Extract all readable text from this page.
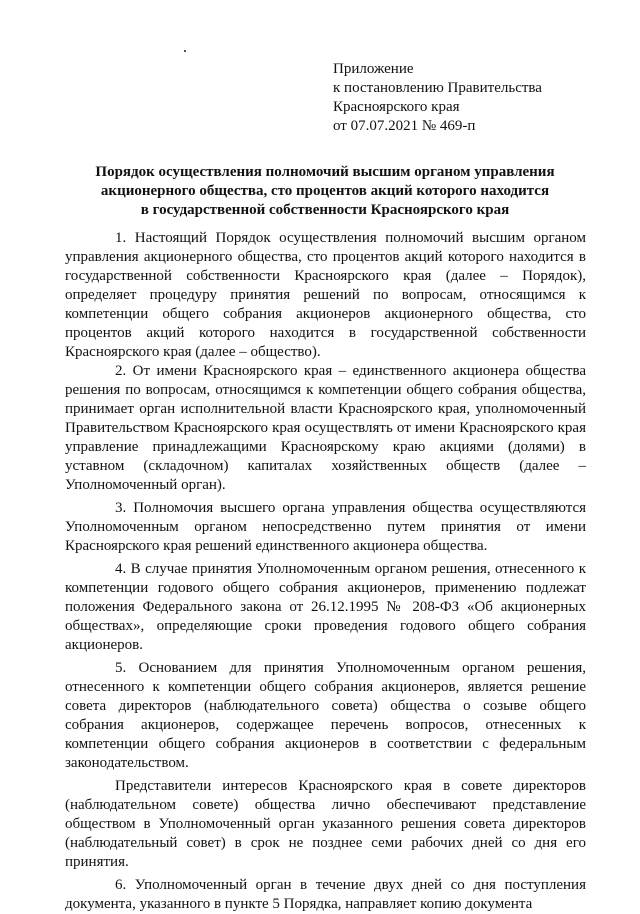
Приложение
к постановлению Правительства
Красноярского края
от 07.07.2021 № 469-п
Порядок осуществления полномочий высшим органом управления
акционерного общества, сто процентов акций которого находится
в государственной собственности Красноярского края

1. Настоящий Порядок осуществления полномочий высшим органом управления акционерного общества, сто процентов акций которого находится в государственной собственности Красноярского края (далее – Порядок), определяет процедуру принятия решений по вопросам, относящимся к компетенции общего собрания акционеров акционерного общества, сто процентов акций которого находится в государственной собственности Красноярского края (далее – общество).

2. От имени Красноярского края – единственного акционера общества решения по вопросам, относящимся к компетенции общего собрания общества, принимает орган исполнительной власти Красноярского края, уполномоченный Правительством Красноярского края осуществлять от имени Красноярского края управление принадлежащими Красноярскому краю акциями (долями) в уставном (складочном) капиталах хозяйственных обществ (далее – Уполномоченный орган).

3. Полномочия высшего органа управления общества осуществляются Уполномоченным органом непосредственно путем принятия от имени Красноярского края решений единственного акционера общества.

4. В случае принятия Уполномоченным органом решения, отнесенного к компетенции годового общего собрания акционеров, применению подлежат положения Федерального закона от 26.12.1995 № 208-ФЗ «Об акционерных обществах», определяющие сроки проведения годового общего собрания акционеров.

5. Основанием для принятия Уполномоченным органом решения, отнесенного к компетенции общего собрания акционеров, является решение совета директоров (наблюдательного совета) общества о созыве общего собрания акционеров, содержащее перечень вопросов, отнесенных к компетенции общего собрания акционеров в соответствии с федеральным законодательством.

Представители интересов Красноярского края в совете директоров (наблюдательном совете) общества лично обеспечивают представление обществом в Уполномоченный орган указанного решения совета директоров (наблюдательный совет) в срок не позднее семи рабочих дней со дня его принятия.

6. Уполномоченный орган в течение двух дней со дня поступления документа, указанного в пункте 5 Порядка, направляет копию документа
